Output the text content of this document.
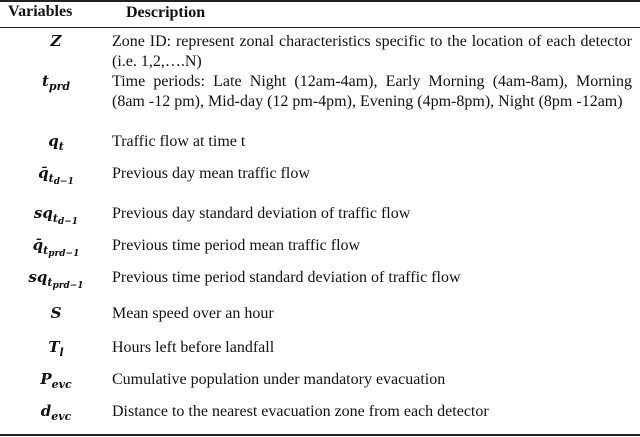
Variables	Description
Z	Zone ID: represent zonal characteristics specific to the location of each detector (i.e. 1,2,….N)
$t_{prd}$	Time periods: Late Night (12am-4am), Early Morning (4am-8am), Morning (8am -12 pm), Mid-day (12 pm-4pm), Evening (4pm-8pm), Night (8pm -12am)
$q_t$	Traffic flow at time t
$q̄_{t_{d-1}}$	Previous day mean traffic flow
$sq_{t_{d-1}}$	Previous day standard deviation of traffic flow
$q̄_{t_{prd-1}}$	Previous time period mean traffic flow
$sq_{t_{prd-1}}$	Previous time period standard deviation of traffic flow
S	Mean speed over an hour
$T_l$	Hours left before landfall
$P_{evc}$	Cumulative population under mandatory evacuation
$d_{evc}$	Distance to the nearest evacuation zone from each detector
